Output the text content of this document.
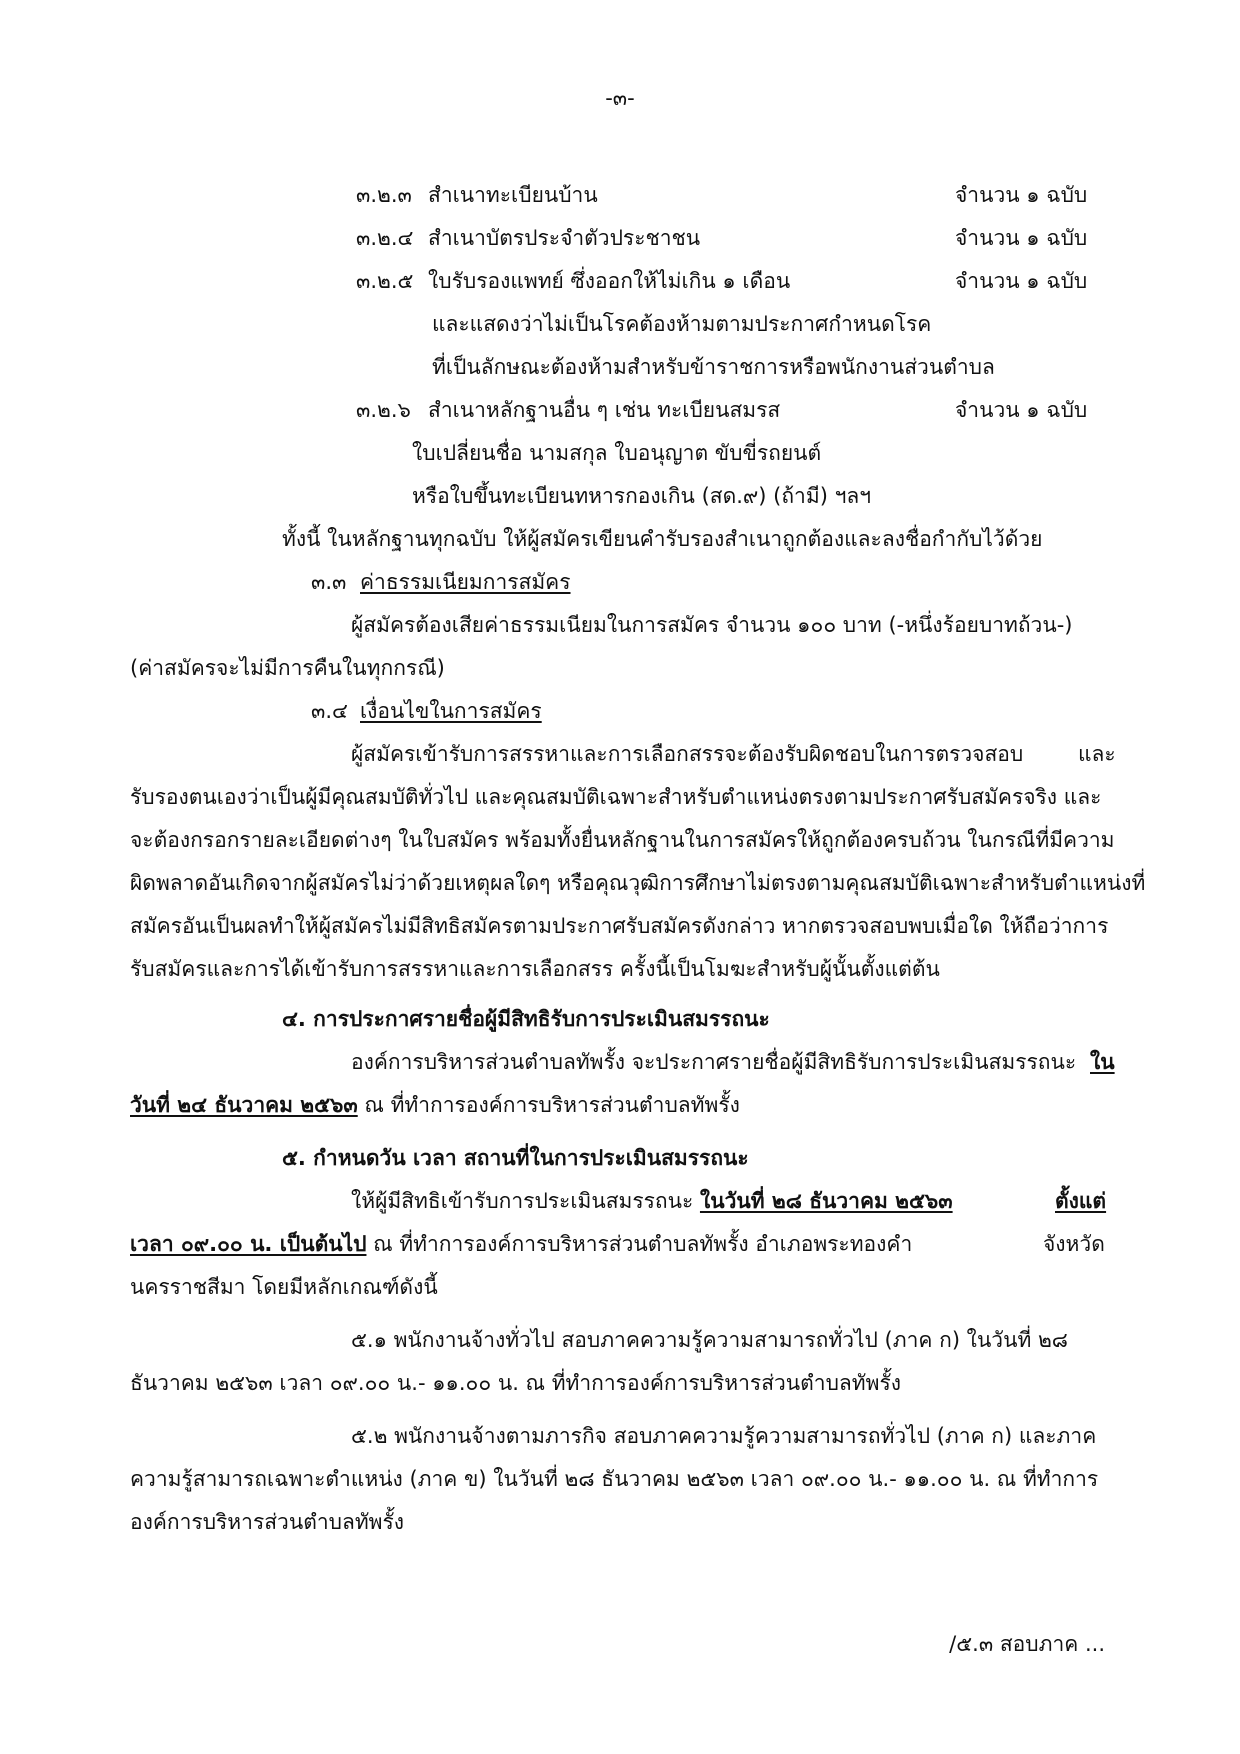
-๓-
๓.๒.๓ สำเนาทะเบียนบ้าน	จำนวน ๑ ฉบับ
๓.๒.๔ สำเนาบัตรประจำตัวประชาชน	จำนวน ๑ ฉบับ
๓.๒.๕ ใบรับรองแพทย์ ซึ่งออกให้ไม่เกิน ๑ เดือน	จำนวน ๑ ฉบับ
และแสดงว่าไม่เป็นโรคต้องห้ามตามประกาศกำหนดโรค
ที่เป็นลักษณะต้องห้ามสำหรับข้าราชการหรือพนักงานส่วนตำบล
๓.๒.๖ สำเนาหลักฐานอื่น ๆ เช่น ทะเบียนสมรส	จำนวน ๑ ฉบับ
ใบเปลี่ยนชื่อ นามสกุล ใบอนุญาต ขับขี่รถยนต์
หรือใบขึ้นทะเบียนทหารกองเกิน (สด.๙) (ถ้ามี) ฯลฯ
ทั้งนี้ ในหลักฐานทุกฉบับ ให้ผู้สมัครเขียนคำรับรองสำเนาถูกต้องและลงชื่อกำกับไว้ด้วย
๓.๓ ค่าธรรมเนียมการสมัคร
ผู้สมัครต้องเสียค่าธรรมเนียมในการสมัคร จำนวน ๑๐๐ บาท (-หนึ่งร้อยบาทถ้วน-)
(ค่าสมัครจะไม่มีการคืนในทุกกรณี)
๓.๔ เงื่อนไขในการสมัคร
ผู้สมัครเข้ารับการสรรหาและการเลือกสรรจะต้องรับผิดชอบในการตรวจสอบ	และ
รับรองตนเองว่าเป็นผู้มีคุณสมบัติทั่วไป และคุณสมบัติเฉพาะสำหรับตำแหน่งตรงตามประกาศรับสมัครจริง และ
จะต้องกรอกรายละเอียดต่างๆ ในใบสมัคร พร้อมทั้งยื่นหลักฐานในการสมัครให้ถูกต้องครบถ้วน ในกรณีที่มีความ
ผิดพลาดอันเกิดจากผู้สมัครไม่ว่าด้วยเหตุผลใดๆ หรือคุณวุฒิการศึกษาไม่ตรงตามคุณสมบัติเฉพาะสำหรับตำแหน่งที่
สมัครอันเป็นผลทำให้ผู้สมัครไม่มีสิทธิสมัครตามประกาศรับสมัครดังกล่าว หากตรวจสอบพบเมื่อใด ให้ถือว่าการ
รับสมัครและการได้เข้ารับการสรรหาและการเลือกสรร ครั้งนี้เป็นโมฆะสำหรับผู้นั้นตั้งแต่ต้น
๔. การประกาศรายชื่อผู้มีสิทธิรับการประเมินสมรรถนะ
องค์การบริหารส่วนตำบลทัพรั้ง จะประกาศรายชื่อผู้มีสิทธิรับการประเมินสมรรถนะ ใน
วันที่ ๒๔ ธันวาคม ๒๕๖๓ ณ ที่ทำการองค์การบริหารส่วนตำบลทัพรั้ง
๕. กำหนดวัน เวลา สถานที่ในการประเมินสมรรถนะ
ให้ผู้มีสิทธิเข้ารับการประเมินสมรรถนะ ในวันที่ ๒๘ ธันวาคม ๒๕๖๓	ตั้งแต่
เวลา ๐๙.๐๐ น. เป็นต้นไป ณ ที่ทำการองค์การบริหารส่วนตำบลทัพรั้ง อำเภอพระทองคำ	จังหวัด
นครราชสีมา โดยมีหลักเกณฑ์ดังนี้
๕.๑ พนักงานจ้างทั่วไป สอบภาคความรู้ความสามารถทั่วไป (ภาค ก) ในวันที่ ๒๘
ธันวาคม ๒๕๖๓ เวลา ๐๙.๐๐ น.- ๑๑.๐๐ น. ณ ที่ทำการองค์การบริหารส่วนตำบลทัพรั้ง
๕.๒ พนักงานจ้างตามภารกิจ สอบภาคความรู้ความสามารถทั่วไป (ภาค ก) และภาค
ความรู้สามารถเฉพาะตำแหน่ง (ภาค ข) ในวันที่ ๒๘ ธันวาคม ๒๕๖๓ เวลา ๐๙.๐๐ น.- ๑๑.๐๐ น. ณ ที่ทำการ
องค์การบริหารส่วนตำบลทัพรั้ง
/๕.๓ สอบภาค ...
